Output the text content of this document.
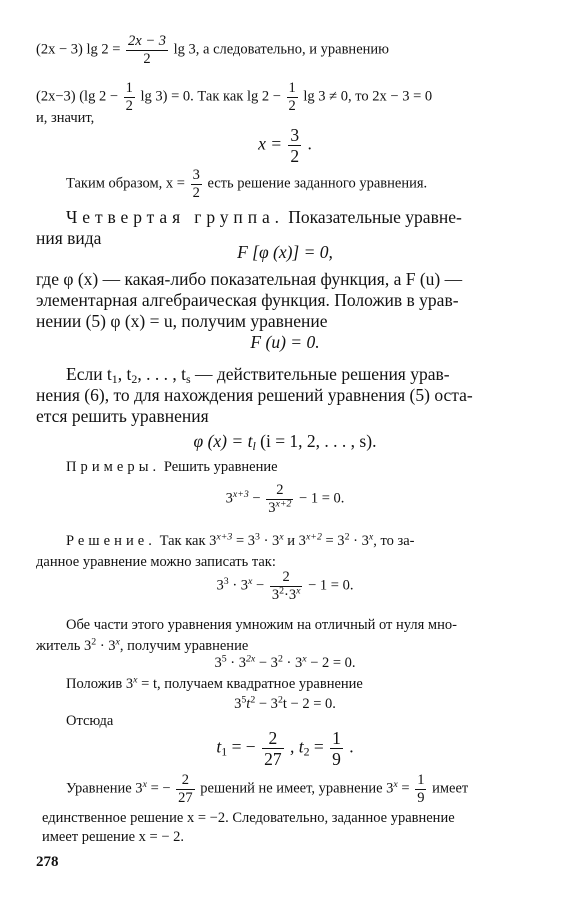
(2x − 3) $\lg 2 = \frac{2x - 3}{2}$ lg 3, а следовательно, и уравнению
(2x−3) (lg $2 - \frac{1}{2}$ lg 3) = 0. Так как $\lg 2 - \frac{1}{2}$ lg 3 ≠ 0, то 2x − 3 = 0
и, значит,
$x = \frac{3}{2}$ .
Таким образом, $x = \frac{3}{2}$ есть решение заданного уравнения.
Четвертая группа. Показательные уравне-
ния вида
F [φ (x)] = 0,
где φ (x) — какая-либо показательная функция, а F (u) —
элементарная алгебраическая функция. Положив в урав-
нении (5) φ (x) = u, получим уравнение
F (u) = 0.
Если $t_1$, $t_2$, . . . , $t_s$ — действительные решения урав-
нения (6), то для нахождения решений уравнения (5) оста-
ется решить уравнения
φ $(x) = t_l$ (i = 1, 2, . . . , s).
Примеры. Решить уравнение
$3^{x+3} - \frac{2}{3^{x+2}} - 1 = 0$.
Решение. Так как $3^{x+3} = 3^3 \cdot 3^x$ и $3^{x+2} = 3^2 \cdot 3^x$, то за-
данное уравнение можно записать так:
$3^3 \cdot 3^x - \frac{2}{3^2\cdot 3^x} - 1 = 0$.
Обе части этого уравнения умножим на отличный от нуля мно-
житель $3^2 \cdot 3^x$, получим уравнение
$3^5 \cdot 3^{2x} - 3^2 \cdot 3^x - 2 = 0$.
Положив $3^x = t$, получаем квадратное уравнение
$3^5t^2 - 3^2t - 2 = 0$.
Отсюда
$t_1$ = − $\frac{2}{27}$ , $t_2 = \frac{1}{9}$ .
Уравнение $3^x$ = − $\frac{2}{27}$ решений не имеет, уравнение $3^x = \frac{1}{9}$ имеет
единственное решение x = −2. Следовательно, заданное уравнение
имеет решение x = − 2.
278
